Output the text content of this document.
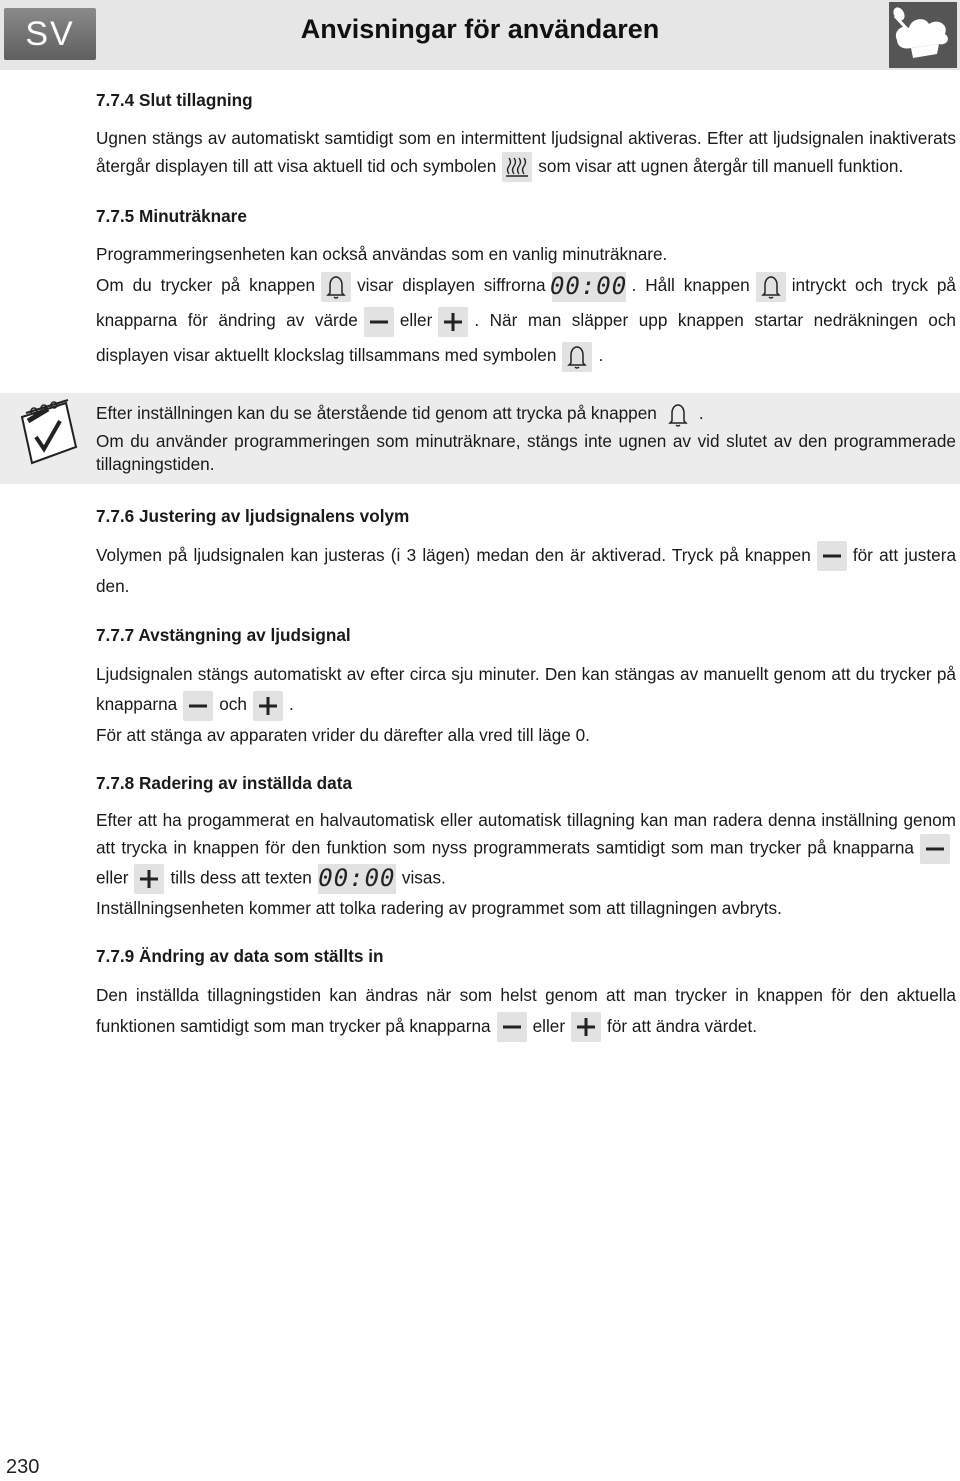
SV	Anvisningar för användaren
7.7.4 Slut tillagning

Ugnen stängs av automatiskt samtidigt som en intermittent ljudsignal aktiveras. Efter att ljudsignalen inaktiverats återgår displayen till att visa aktuell tid och symbolen som visar att ugnen återgår till manuell funktion.

7.7.5 Minuträknare

Programmeringsenheten kan också användas som en vanlig minuträknare.

Om du trycker på knappen visar displayen siffrorna 00:00 . Håll knappen intryckt och tryck på knapparna för ändring av värde eller . När man släpper upp knappen startar nedräkningen och displayen visar aktuellt klockslag tillsammans med symbolen .

Efter inställningen kan du se återstående tid genom att trycka på knappen .

Om du använder programmeringen som minuträknare, stängs inte ugnen av vid slutet av den programmerade tillagningstiden.

7.7.6 Justering av ljudsignalens volym

Volymen på ljudsignalen kan justeras (i 3 lägen) medan den är aktiverad. Tryck på knappen för att justera den.

7.7.7 Avstängning av ljudsignal

Ljudsignalen stängs automatiskt av efter circa sju minuter. Den kan stängas av manuellt genom att du trycker på knapparna och .

För att stänga av apparaten vrider du därefter alla vred till läge 0.

7.7.8 Radering av inställda data

Efter att ha progammerat en halvautomatisk eller automatisk tillagning kan man radera denna inställning genom att trycka in knappen för den funktion som nyss programmerats samtidigt som man trycker på knapparna
eller tills dess att texten 00:00 visas.

Inställningsenheten kommer att tolka radering av programmet som att tillagningen avbryts.

7.7.9 Ändring av data som ställts in

Den inställda tillagningstiden kan ändras när som helst genom att man trycker in knappen för den aktuella funktionen samtidigt som man trycker på knapparna eller för att ändra värdet.

230
